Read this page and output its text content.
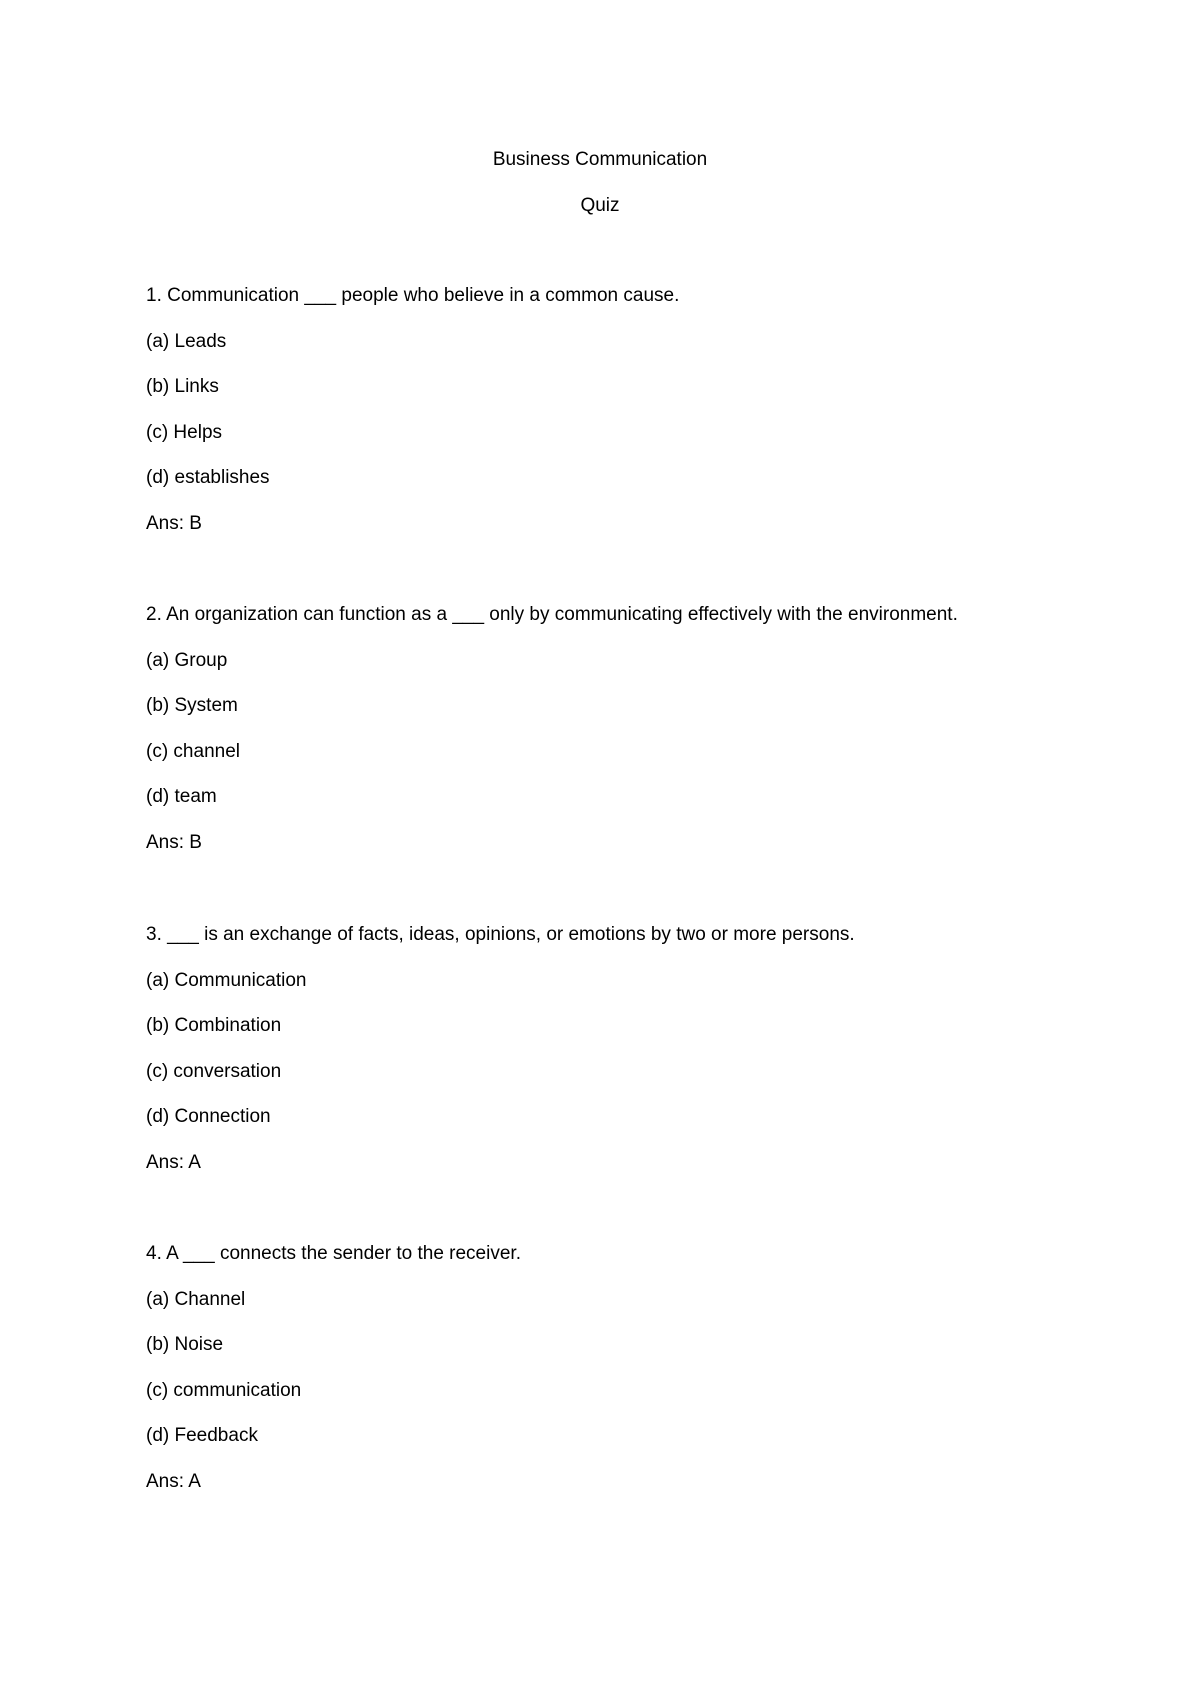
Business Communication
Quiz
1. Communication ___ people who believe in a common cause.
(a) Leads
(b) Links
(c) Helps
(d) establishes
Ans: B
2. An organization can function as a ___ only by communicating effectively with the environment.
(a) Group
(b) System
(c) channel
(d) team
Ans: B
3. ___ is an exchange of facts, ideas, opinions, or emotions by two or more persons.
(a) Communication
(b) Combination
(c) conversation
(d) Connection
Ans: A
4. A ___ connects the sender to the receiver.
(a) Channel
(b) Noise
(c) communication
(d) Feedback
Ans: A
